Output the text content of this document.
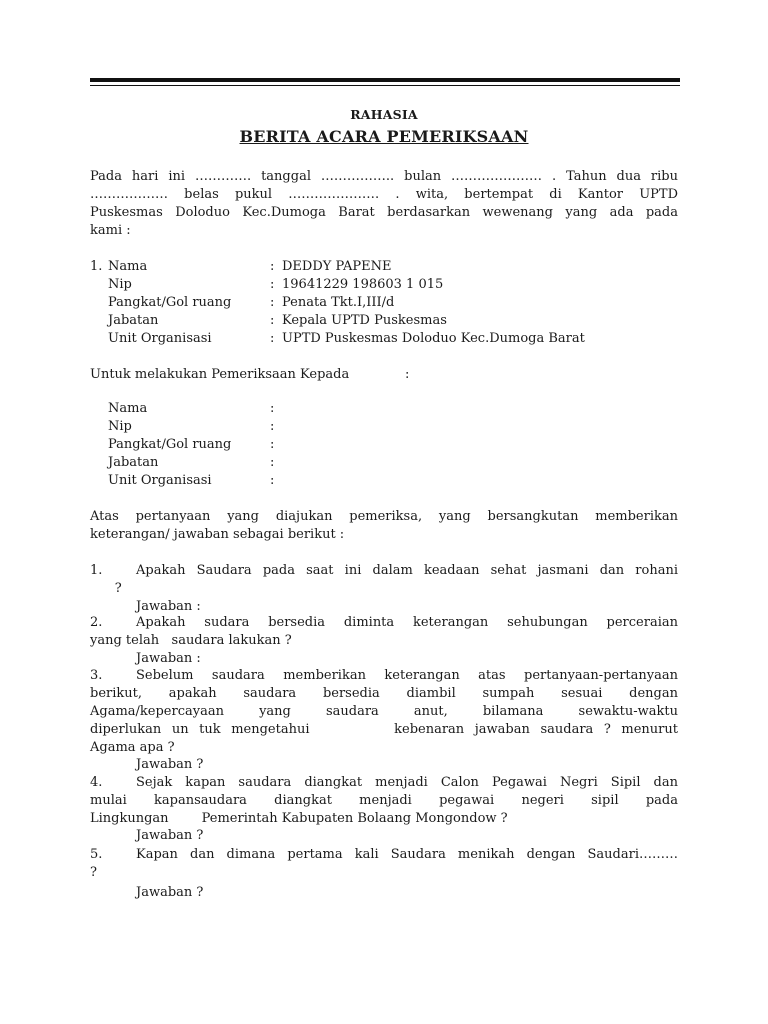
RAHASIA
BERITA ACARA PEMERIKSAAN
Pada hari ini …………. tanggal …………….. bulan ………………… . Tahun dua ribu
……………… belas pukul ………………… . wita, bertempat di Kantor UPTD
Puskesmas Doloduo Kec.Dumoga Barat berdasarkan wewenang yang ada pada
kami :
1. Nama	: DEDDY PAPENE
Nip	: 19641229 198603 1 015
Pangkat/Gol ruang	: Penata Tkt.I,III/d
Jabatan	: Kepala UPTD Puskesmas
Unit Organisasi	: UPTD Puskesmas Doloduo Kec.Dumoga Barat
Untuk melakukan Pemeriksaan Kepada	:
Nama	:
Nip	:
Pangkat/Gol ruang	:
Jabatan	:
Unit Organisasi	:
Atas pertanyaan yang diajukan pemeriksa, yang bersangkutan memberikan
keterangan/ jawaban sebagai berikut :
1.	Apakah Saudara pada saat ini dalam keadaan sehat jasmani dan rohani
?
Jawaban :
2.	Apakah sudara bersedia diminta keterangan sehubungan perceraian
yang telah   saudara lakukan ?
Jawaban :
3.	Sebelum saudara memberikan keterangan atas pertanyaan-pertanyaan
berikut, apakah saudara bersedia diambil sumpah sesuai dengan
Agama/kepercayaan yang saudara anut, bilamana sewaktu-waktu
diperlukan un tuk mengetahui        kebenaran jawaban saudara ? menurut
Agama apa ?
Jawaban ?
4.	Sejak kapan saudara diangkat menjadi Calon Pegawai Negri Sipil dan
mulai kapansaudara diangkat menjadi pegawai negeri sipil pada
Lingkungan        Pemerintah Kabupaten Bolaang Mongondow ?
Jawaban ?
5.	Kapan dan dimana pertama kali Saudara menikah dengan Saudari………
?
Jawaban ?
